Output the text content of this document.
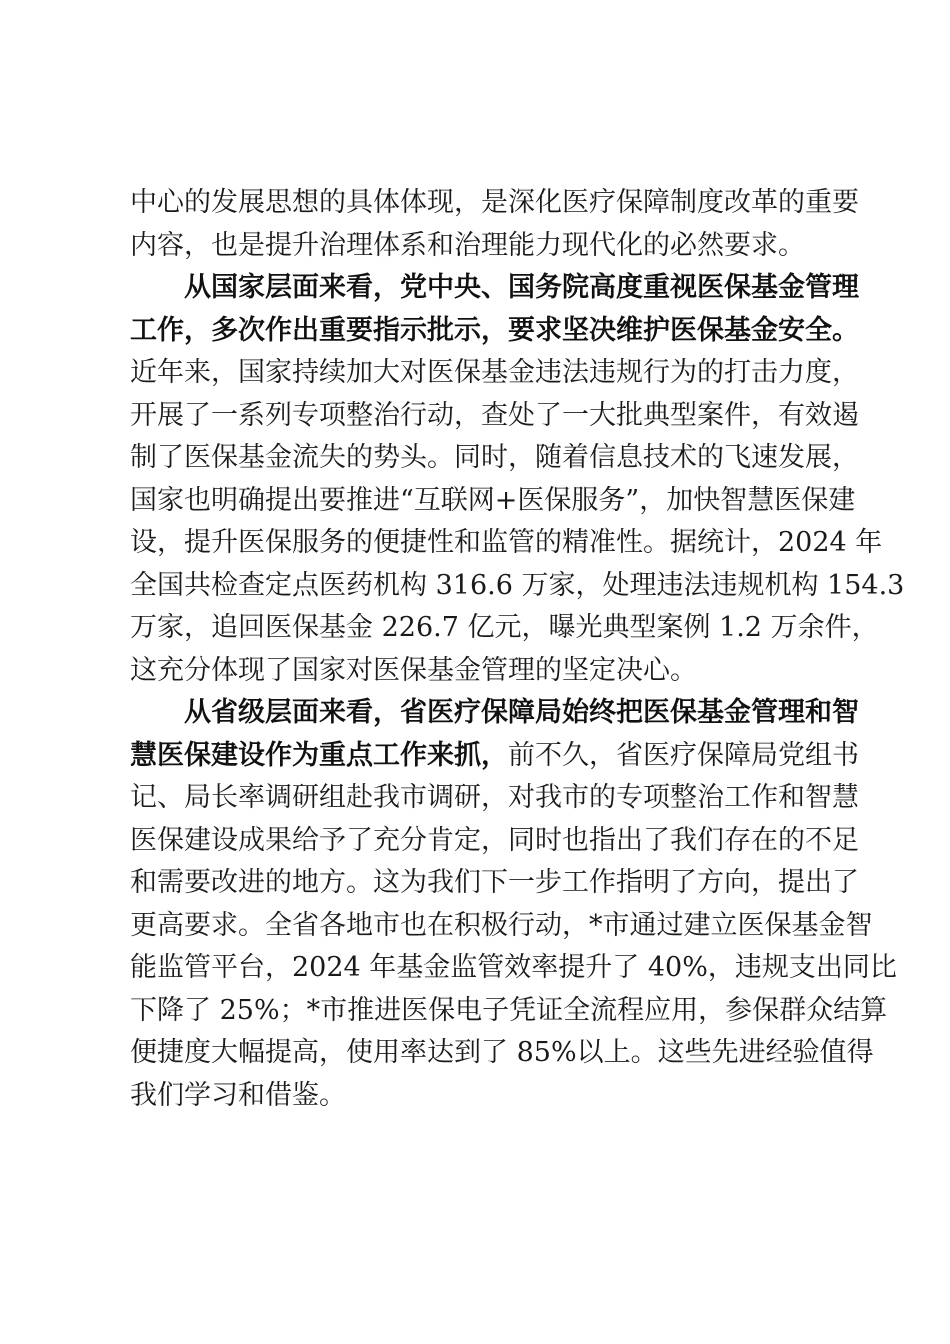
中心的发展思想的具体体现，是深化医疗保障制度改革的重要
内容，也是提升治理体系和治理能力现代化的必然要求。
从国家层面来看，党中央、国务院高度重视医保基金管理
工作，多次作出重要指示批示，要求坚决维护医保基金安全。
近年来，国家持续加大对医保基金违法违规行为的打击力度，
开展了一系列专项整治行动，查处了一大批典型案件，有效遏
制了医保基金流失的势头。同时，随着信息技术的飞速发展，
国家也明确提出要推进“互联网+医保服务”，加快智慧医保建
设，提升医保服务的便捷性和监管的精准性。据统计，2024 年
全国共检查定点医药机构 316.6 万家，处理违法违规机构 154.3
万家，追回医保基金 226.7 亿元，曝光典型案例 1.2 万余件，
这充分体现了国家对医保基金管理的坚定决心。
从省级层面来看，省医疗保障局始终把医保基金管理和智
慧医保建设作为重点工作来抓，前不久，省医疗保障局党组书
记、局长率调研组赴我市调研，对我市的专项整治工作和智慧
医保建设成果给予了充分肯定，同时也指出了我们存在的不足
和需要改进的地方。这为我们下一步工作指明了方向，提出了
更高要求。全省各地市也在积极行动，*市通过建立医保基金智
能监管平台，2024 年基金监管效率提升了 40%，违规支出同比
下降了 25%；*市推进医保电子凭证全流程应用，参保群众结算
便捷度大幅提高，使用率达到了 85%以上。这些先进经验值得
我们学习和借鉴。
